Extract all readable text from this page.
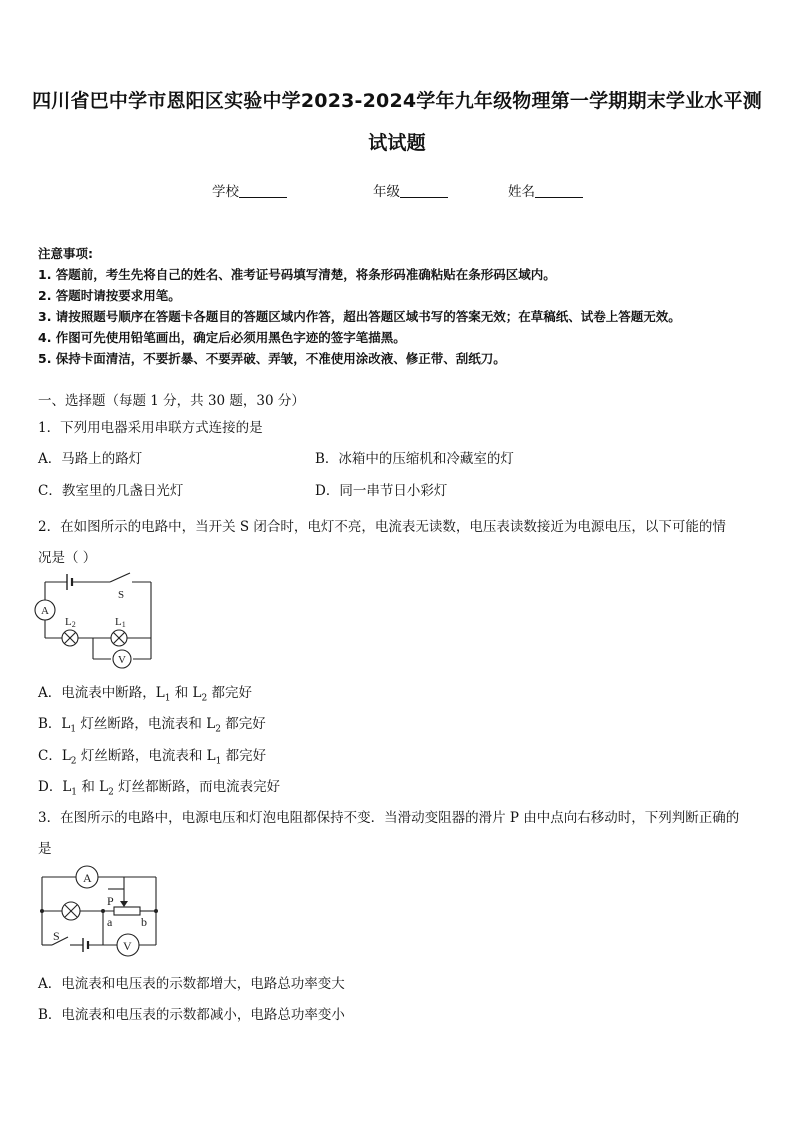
四川省巴中学市恩阳区实验中学2023-2024学年九年级物理第一学期期末学业水平测
试试题
学校	年级	姓名
注意事项:
1. 答题前，考生先将自己的姓名、准考证号码填写清楚，将条形码准确粘贴在条形码区域内。
2. 答题时请按要求用笔。
3. 请按照题号顺序在答题卡各题目的答题区域内作答，超出答题区域书写的答案无效；在草稿纸、试卷上答题无效。
4. 作图可先使用铅笔画出，确定后必须用黑色字迹的签字笔描黑。
5. 保持卡面清洁，不要折暴、不要弄破、弄皱，不准使用涂改液、修正带、刮纸刀。
一、选择题（每题 1 分，共 30 题，30 分）
1．下列用电器采用串联方式连接的是
A．马路上的路灯	B．冰箱中的压缩机和冷藏室的灯
C．教室里的几盏日光灯	D．同一串节日小彩灯
2．在如图所示的电路中，当开关 S 闭合时，电灯不亮，电流表无读数，电压表读数接近为电源电压，以下可能的情
况是（ ）
A
V
S
L2	L1
A．电流表中断路，$L_1$ 和 $L_2$ 都完好
B．$L_1$ 灯丝断路，电流表和 $L_2$ 都完好
C．$L_2$ 灯丝断路，电流表和 $L_1$ 都完好
D．$L_1$ 和 $L_2$ 灯丝都断路，而电流表完好
3．在图所示的电路中，电源电压和灯泡电阻都保持不变．当滑动变阻器的滑片 P 由中点向右移动时，下列判断正确的
是
A
V
S
P
a b
A．电流表和电压表的示数都增大，电路总功率变大
B．电流表和电压表的示数都减小，电路总功率变小
